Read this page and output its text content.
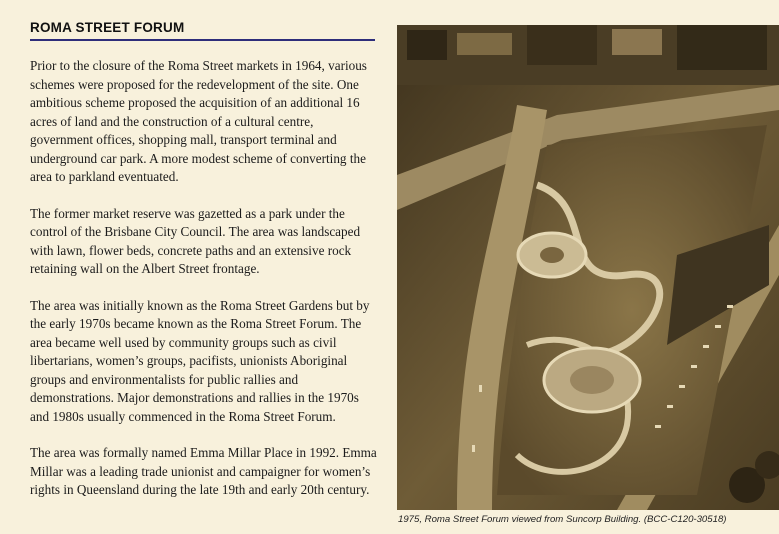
ROMA STREET FORUM

Prior to the closure of the Roma Street markets in 1964, various schemes were proposed for the redevelopment of the site. One ambitious scheme proposed the acquisition of an additional 16 acres of land and the construction of a cultural centre, government offices, shopping mall, transport terminal and underground car park. A more modest scheme of converting the area to parkland eventuated.

The former market reserve was gazetted as a park under the control of the Brisbane City Council. The area was landscaped with lawn, flower beds, concrete paths and an extensive rock retaining wall on the Albert Street frontage.

The area was initially known as the Roma Street Gardens but by the early 1970s became known as the Roma Street Forum. The area became well used by community groups such as civil libertarians, women’s groups, pacifists, unionists Aboriginal groups and environmentalists for public rallies and demonstrations. Major demonstrations and rallies in the 1970s and 1980s usually commenced in the Roma Street Forum.

The area was formally named Emma Millar Place in 1992. Emma Millar was a leading trade unionist and campaigner for women’s rights in Queensland during the late 19th and early 20th century.

1975, Roma Street Forum viewed from Suncorp Building. (BCC-C120-30518)
